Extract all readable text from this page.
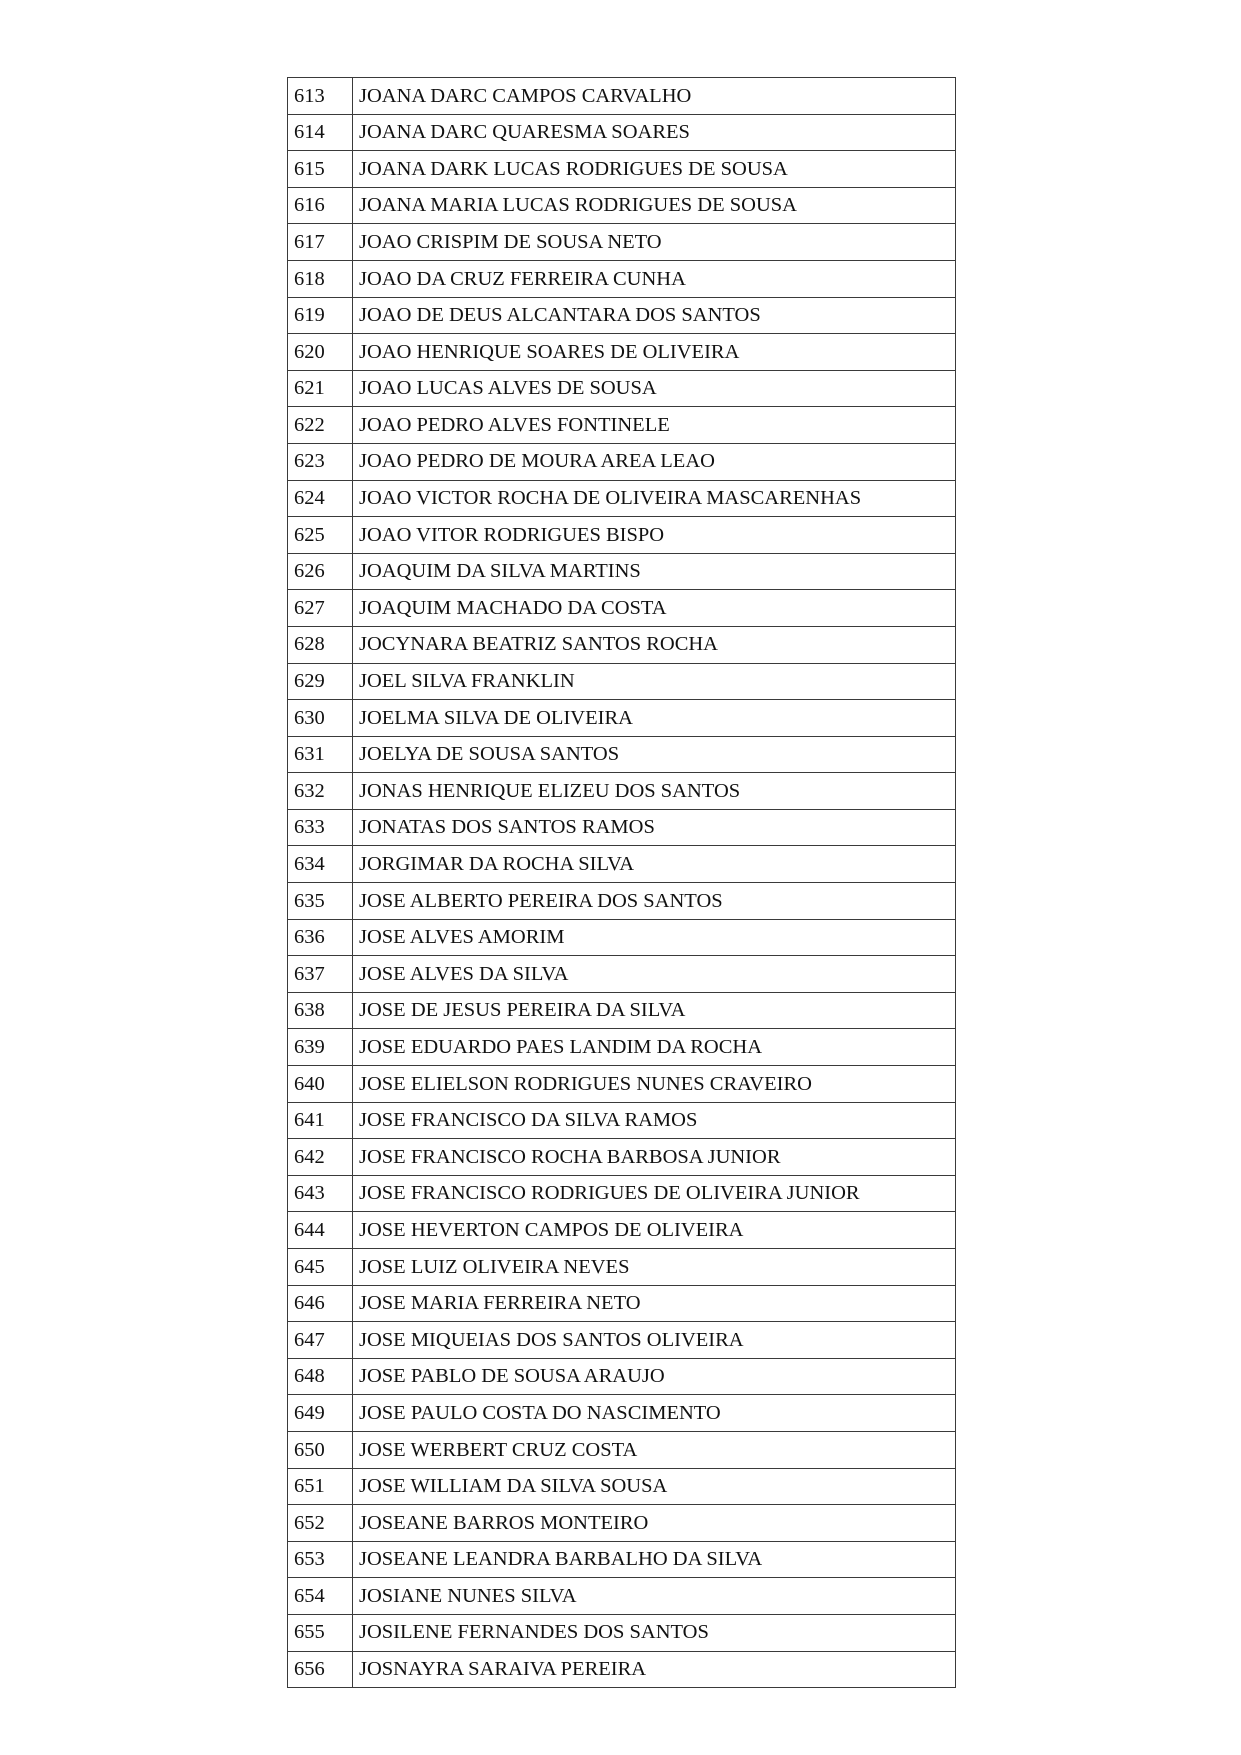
613	JOANA DARC CAMPOS CARVALHO
614	JOANA DARC QUARESMA SOARES
615	JOANA DARK LUCAS RODRIGUES DE SOUSA
616	JOANA MARIA LUCAS RODRIGUES DE SOUSA
617	JOAO CRISPIM DE SOUSA NETO
618	JOAO DA CRUZ FERREIRA CUNHA
619	JOAO DE DEUS ALCANTARA DOS SANTOS
620	JOAO HENRIQUE SOARES DE OLIVEIRA
621	JOAO LUCAS ALVES DE SOUSA
622	JOAO PEDRO ALVES FONTINELE
623	JOAO PEDRO DE MOURA AREA LEAO
624	JOAO VICTOR ROCHA DE OLIVEIRA MASCARENHAS
625	JOAO VITOR RODRIGUES BISPO
626	JOAQUIM DA SILVA MARTINS
627	JOAQUIM MACHADO DA COSTA
628	JOCYNARA BEATRIZ SANTOS ROCHA
629	JOEL SILVA FRANKLIN
630	JOELMA SILVA DE OLIVEIRA
631	JOELYA DE SOUSA SANTOS
632	JONAS HENRIQUE ELIZEU DOS SANTOS
633	JONATAS DOS SANTOS RAMOS
634	JORGIMAR DA ROCHA SILVA
635	JOSE ALBERTO PEREIRA DOS SANTOS
636	JOSE ALVES AMORIM
637	JOSE ALVES DA SILVA
638	JOSE DE JESUS PEREIRA DA SILVA
639	JOSE EDUARDO PAES LANDIM DA ROCHA
640	JOSE ELIELSON RODRIGUES NUNES CRAVEIRO
641	JOSE FRANCISCO DA SILVA RAMOS
642	JOSE FRANCISCO ROCHA BARBOSA JUNIOR
643	JOSE FRANCISCO RODRIGUES DE OLIVEIRA JUNIOR
644	JOSE HEVERTON CAMPOS DE OLIVEIRA
645	JOSE LUIZ OLIVEIRA NEVES
646	JOSE MARIA FERREIRA NETO
647	JOSE MIQUEIAS DOS SANTOS OLIVEIRA
648	JOSE PABLO DE SOUSA ARAUJO
649	JOSE PAULO COSTA DO NASCIMENTO
650	JOSE WERBERT CRUZ COSTA
651	JOSE WILLIAM DA SILVA SOUSA
652	JOSEANE BARROS MONTEIRO
653	JOSEANE LEANDRA BARBALHO DA SILVA
654	JOSIANE NUNES SILVA
655	JOSILENE FERNANDES DOS SANTOS
656	JOSNAYRA SARAIVA PEREIRA
